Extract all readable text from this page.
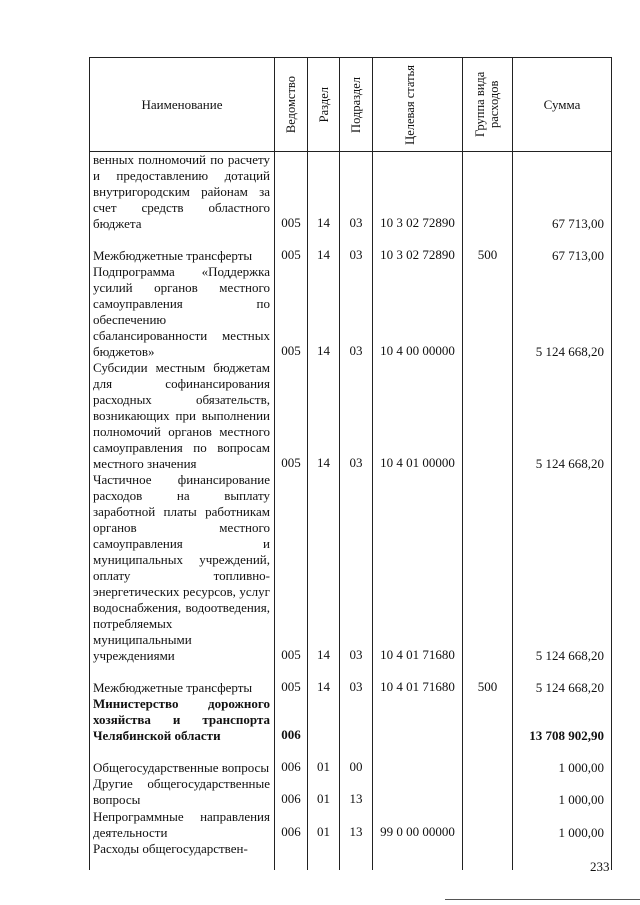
Наименование	Ведомство	Раздел	Подраздел	Целевая статья	Группа вида расходов	Сумма
венных полномочий по расчету и предоставлению дотаций внутригородским районам за счет средств областного бюджета	005	14	03	10 3 02 72890		67 713,00
Межбюджетные трансферты	005	14	03	10 3 02 72890	500	67 713,00
Подпрограмма «Поддержка усилий органов местного самоуправления по обеспечению сбалансированности местных бюджетов»	005	14	03	10 4 00 00000		5 124 668,20
Субсидии местным бюджетам для софинансирования расходных обязательств, возникающих при выполнении полномочий органов местного самоуправления по вопросам местного значения	005	14	03	10 4 01 00000		5 124 668,20
Частичное финансирование расходов на выплату заработной платы работникам органов местного самоуправления и муниципальных учреждений, оплату топливно-энергетических ресурсов, услуг водоснабжения, водоотведения, потребляемых муниципальными учреждениями	005	14	03	10 4 01 71680		5 124 668,20
Межбюджетные трансферты	005	14	03	10 4 01 71680	500	5 124 668,20
Министерство дорожного хозяйства и транспорта Челябинской области	006					13 708 902,90
Общегосударственные вопросы	006	01	00			1 000,00
Другие общегосударственные вопросы	006	01	13			1 000,00
Непрограммные направления деятельности	006	01	13	99 0 00 00000		1 000,00
Расходы общегосударствен-						
233
